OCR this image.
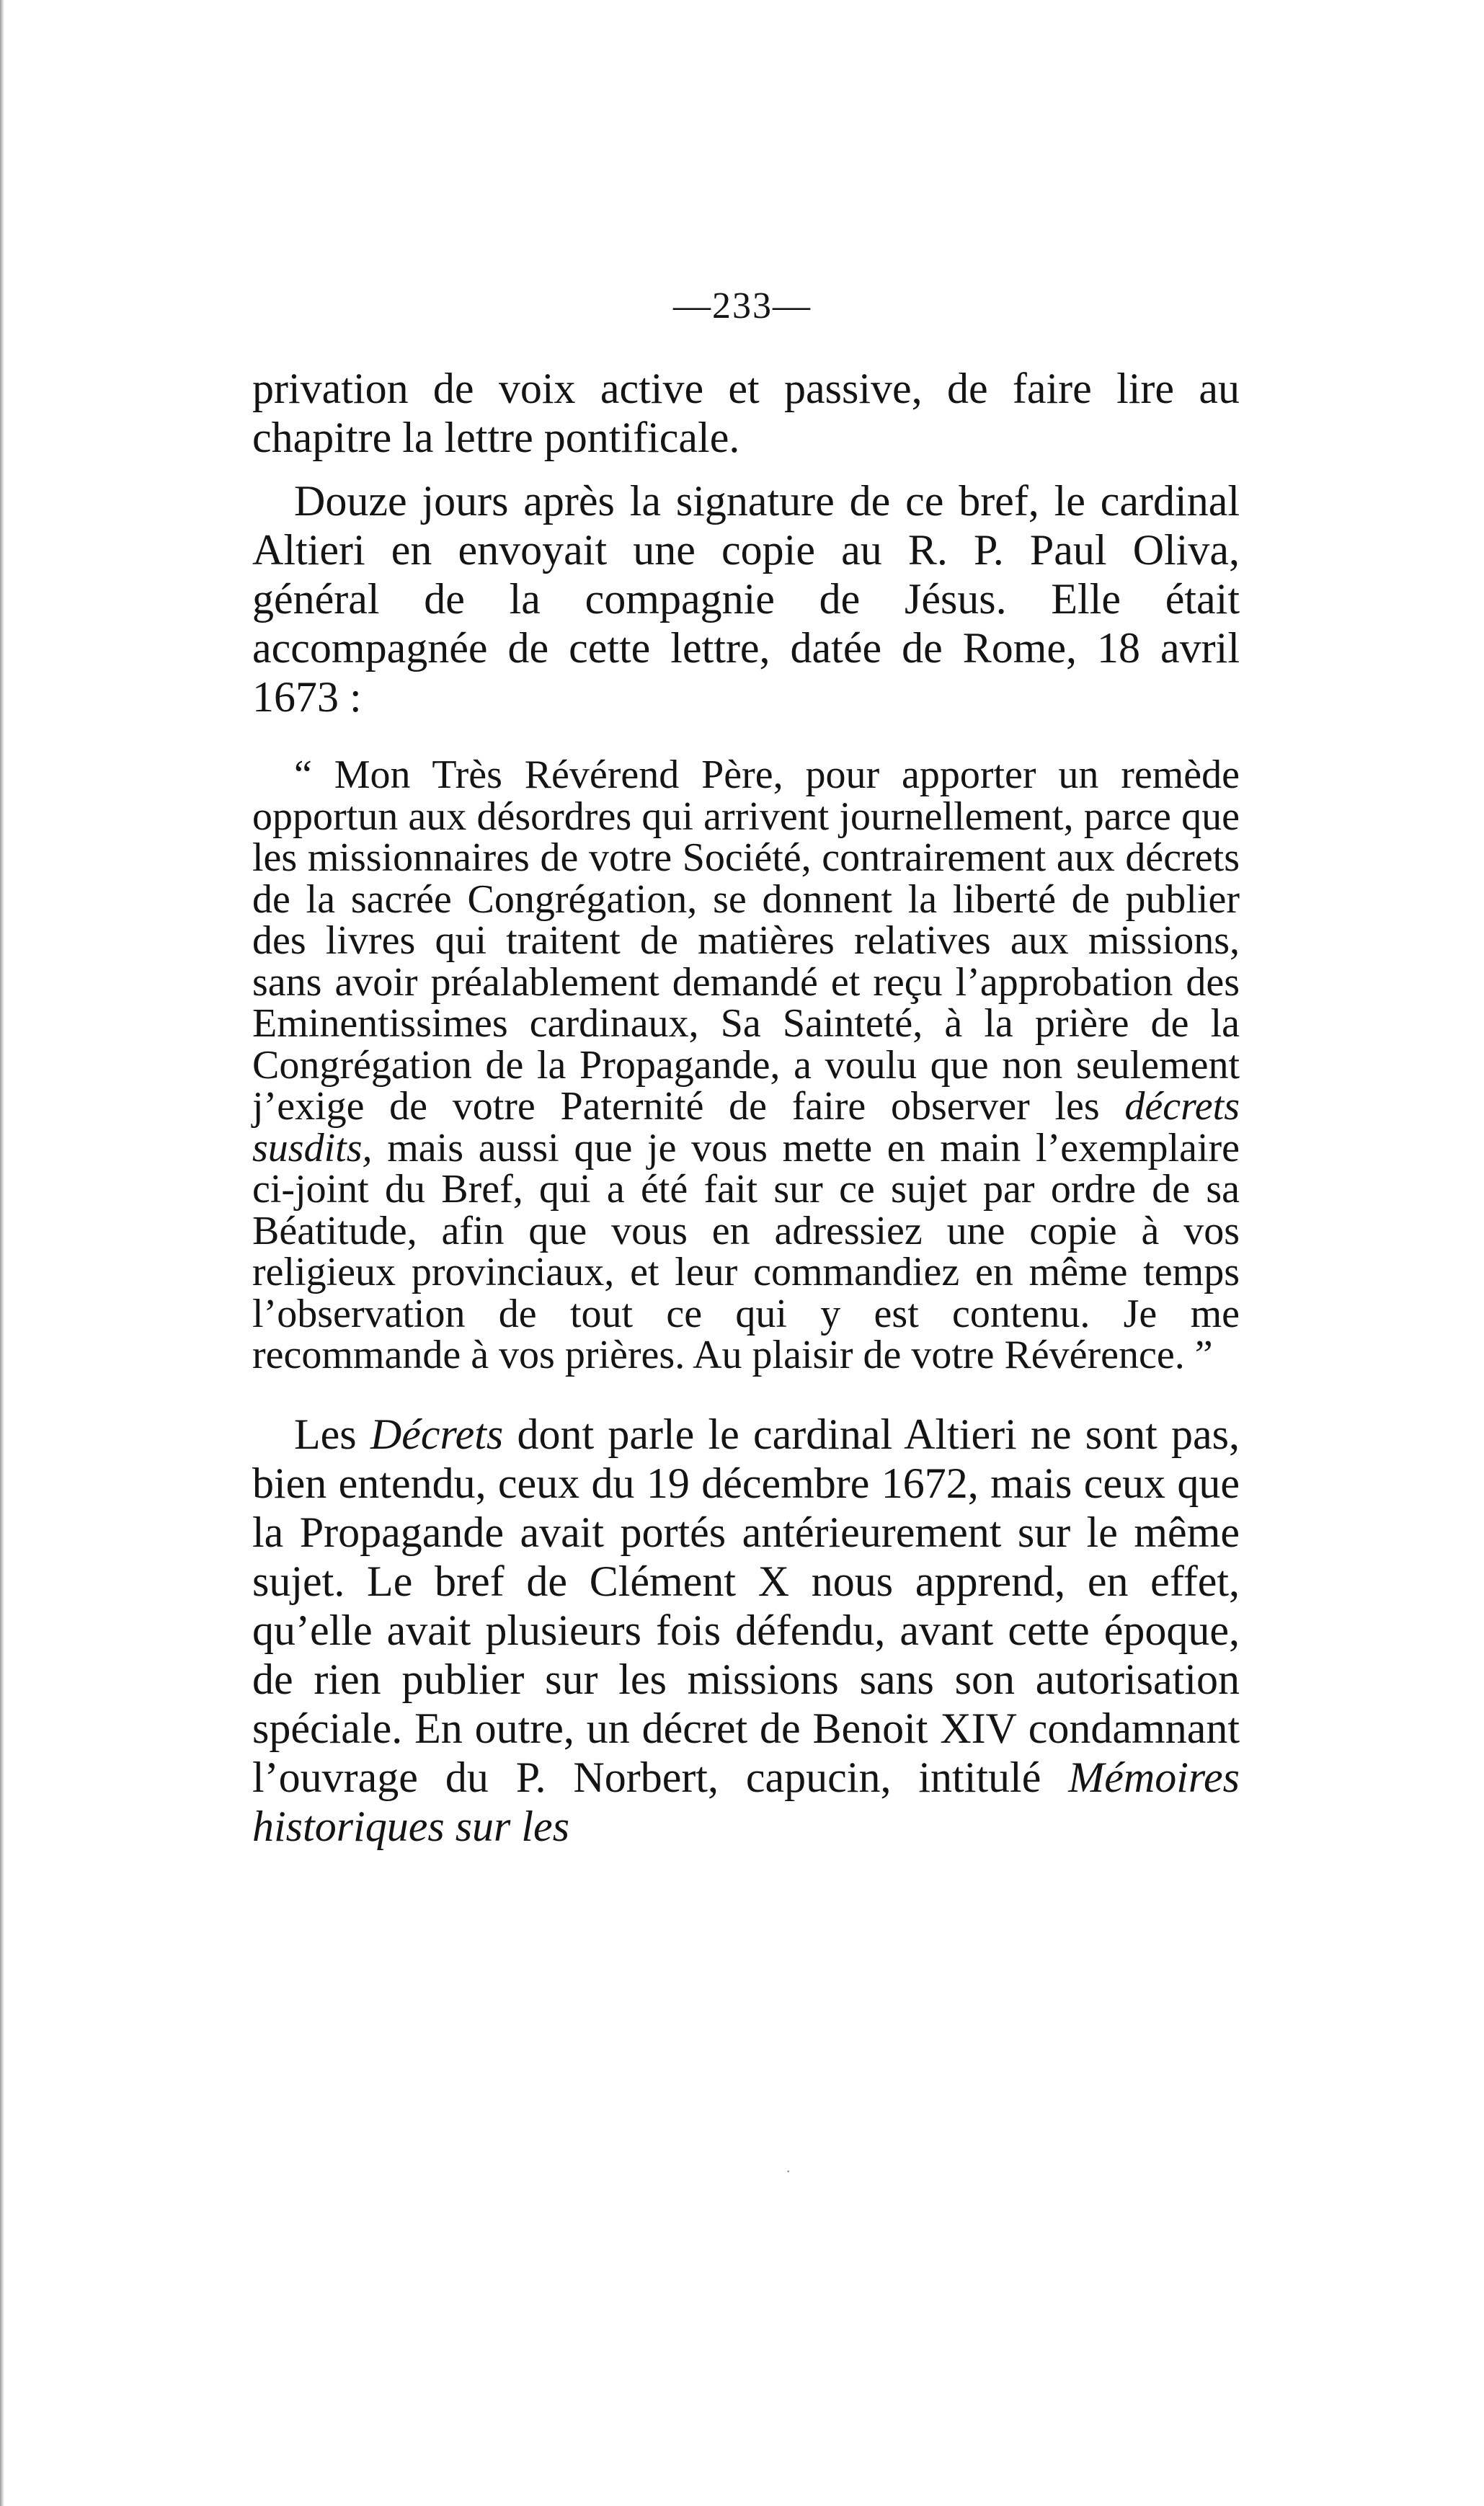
—233—

privation de voix active et passive, de faire lire au chapitre la lettre pontificale.

Douze jours après la signature de ce bref, le cardinal Altieri en envoyait une copie au R. P. Paul Oliva, général de la compagnie de Jésus. Elle était accompagnée de cette lettre, datée de Rome, 18 avril 1673 :

“ Mon Très Révérend Père, pour apporter un remède opportun aux désordres qui arrivent journellement, parce que les missionnaires de votre Société, contrairement aux décrets de la sacrée Congrégation, se donnent la liberté de publier des livres qui traitent de matières relatives aux missions, sans avoir préalablement demandé et reçu l’approbation des Eminentissimes cardinaux, Sa Sainteté, à la prière de la Congrégation de la Propagande, a voulu que non seulement j’exige de votre Paternité de faire observer les décrets susdits, mais aussi que je vous mette en main l’exemplaire ci-joint du Bref, qui a été fait sur ce sujet par ordre de sa Béatitude, afin que vous en adressiez une copie à vos religieux provinciaux, et leur commandiez en même temps l’observation de tout ce qui y est contenu. Je me recommande à vos prières. Au plaisir de votre Révérence. ”

Les Décrets dont parle le cardinal Altieri ne sont pas, bien entendu, ceux du 19 décembre 1672, mais ceux que la Propagande avait portés antérieurement sur le même sujet. Le bref de Clément X nous apprend, en effet, qu’elle avait plusieurs fois défendu, avant cette époque, de rien publier sur les missions sans son autorisation spéciale. En outre, un décret de Benoit XIV condamnant l’ouvrage du P. Norbert, capucin, intitulé Mémoires historiques sur les

·
